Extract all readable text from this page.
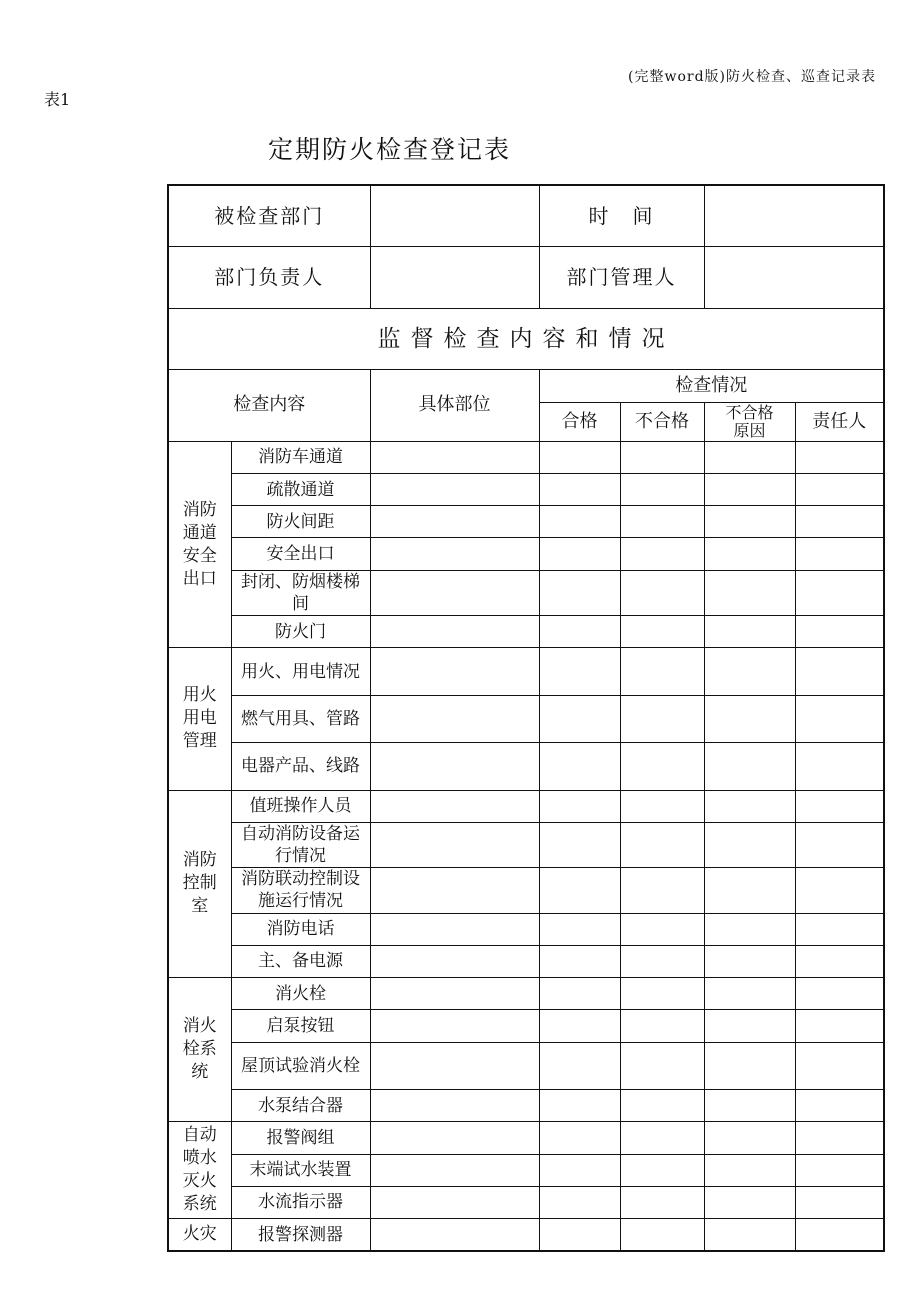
(完整word版)防火检查、巡查记录表
表1
定期防火检查登记表
被检查部门			时　间			
部门负责人			部门管理人			
监督检查内容和情况						
检查内容		具体部位	检查情况			
			合格	不合格	不合格原因	责任人

消防
通道
安全
出口	消防车通道					
	疏散通道					
	防火间距					
	安全出口					
	封闭、防烟楼梯间					
	防火门					

用火
用电
管理	用火、用电情况					
	燃气用具、管路					
	电器产品、线路					

消防
控制
室	值班操作人员					
	自动消防设备运行情况					
	消防联动控制设施运行情况					
	消防电话					
	主、备电源					

消火
栓系
统	消火栓					
	启泵按钮					
	屋顶试验消火栓					
	水泵结合器					

自动
喷水
灭火
系统	报警阀组					
	末端试水装置					
	水流指示器					

火灾	报警探测器					
